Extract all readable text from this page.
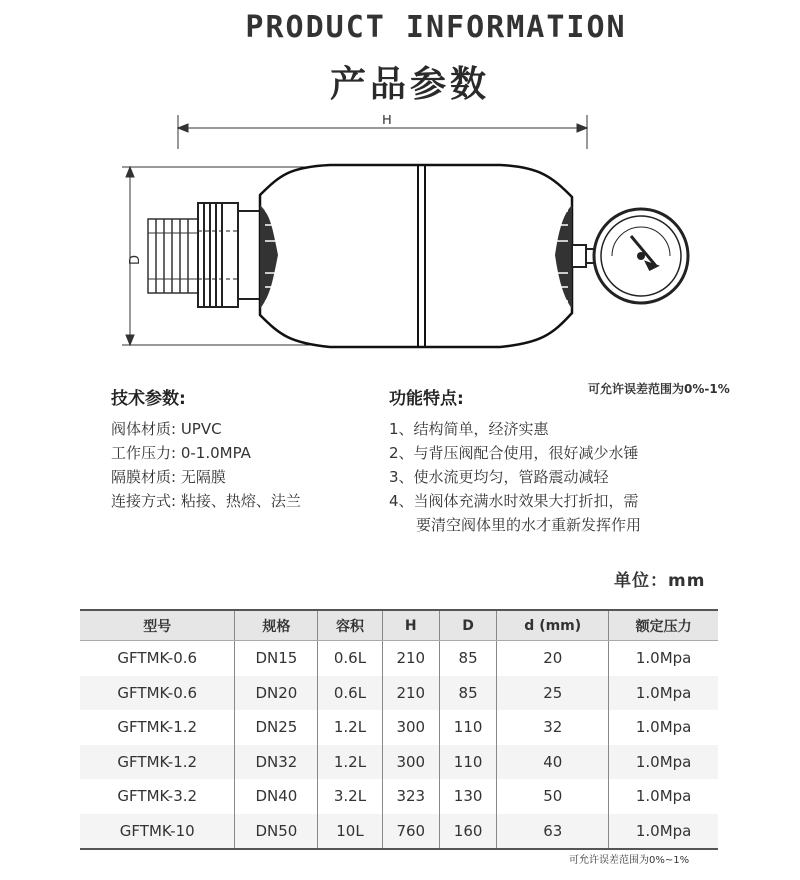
PRODUCT INFORMATION
产品参数
H
D
技术参数:
阀体材质: UPVC
工作压力: 0-1.0MPA
隔膜材质: 无隔膜
连接方式: 粘接、热熔、法兰
功能特点:	可允许误差范围为0%-1%
1、结构简单，经济实惠
2、与背压阀配合使用，很好减少水锤
3、使水流更均匀，管路震动减轻
4、当阀体充满水时效果大打折扣，需
要清空阀体里的水才重新发挥作用
单位：mm
型号	规格	容积	H	D	d (mm)	额定压力
GFTMK-0.6	DN15	0.6L	210	85	20	1.0Mpa
GFTMK-0.6	DN20	0.6L	210	85	25	1.0Mpa
GFTMK-1.2	DN25	1.2L	300	110	32	1.0Mpa
GFTMK-1.2	DN32	1.2L	300	110	40	1.0Mpa
GFTMK-3.2	DN40	3.2L	323	130	50	1.0Mpa
GFTMK-10	DN50	10L	760	160	63	1.0Mpa
可允许误差范围为0%~1%
